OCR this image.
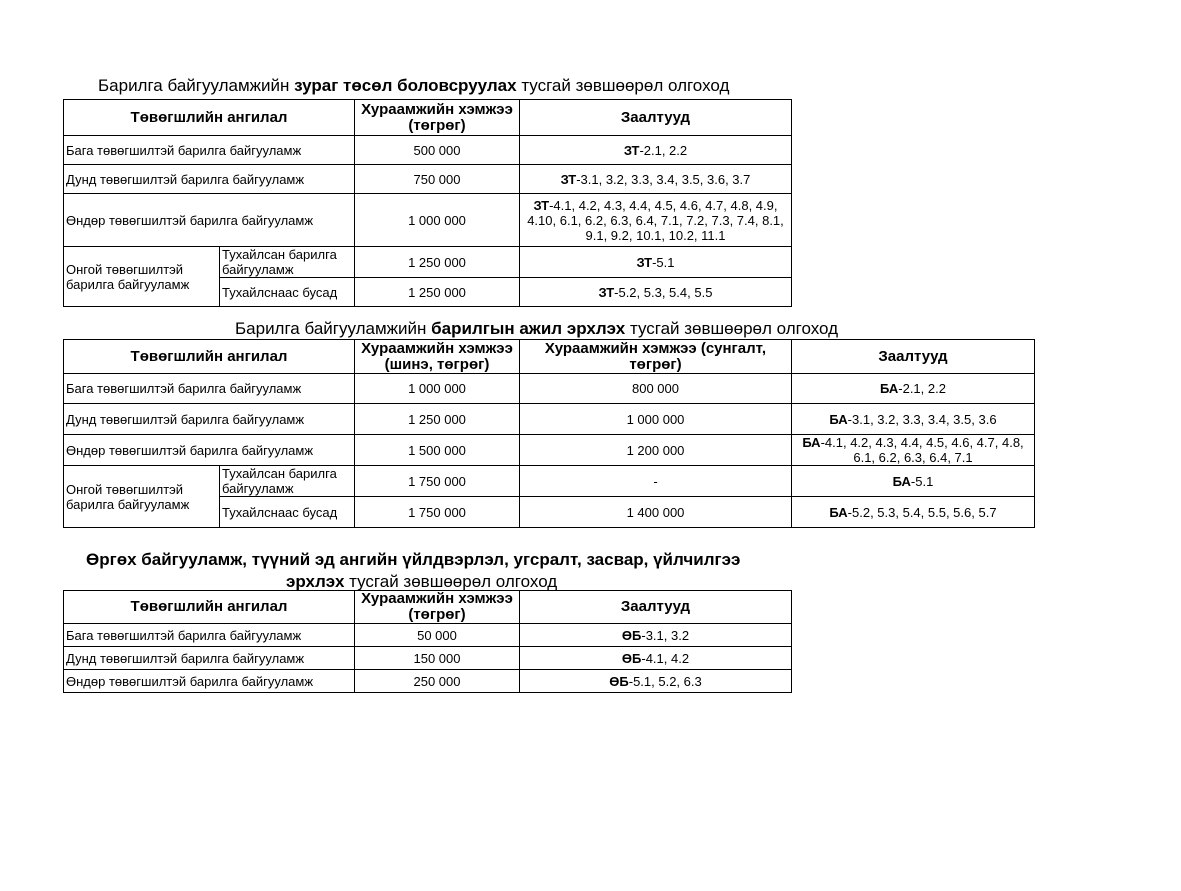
Барилга байгууламжийн зураг төсөл боловсруулах тусгай зөвшөөрөл олгоход
Төвөгшлийн ангилал		Хураамжийн хэмжээ (төгрөг)	Заалтууд
Бага төвөгшилтэй барилга байгууламж		500 000	ЗТ-2.1, 2.2
Дунд төвөгшилтэй барилга байгууламж		750 000	ЗТ-3.1, 3.2, 3.3, 3.4, 3.5, 3.6, 3.7
Өндөр төвөгшилтэй барилга байгууламж		1 000 000	ЗТ-4.1, 4.2, 4.3, 4.4, 4.5, 4.6, 4.7, 4.8, 4.9, 4.10, 6.1, 6.2, 6.3, 6.4, 7.1, 7.2, 7.3, 7.4, 8.1, 9.1, 9.2, 10.1, 10.2, 11.1
Онгой төвөгшилтэй барилга байгууламж	Тухайлсан барилга байгууламж	1 250 000	ЗТ-5.1
	Тухайлснаас бусад	1 250 000	ЗТ-5.2, 5.3, 5.4, 5.5
Барилга байгууламжийн барилгын ажил эрхлэх тусгай зөвшөөрөл олгоход
Төвөгшлийн ангилал		Хураамжийн хэмжээ (шинэ, төгрөг)	Хураамжийн хэмжээ (сунгалт, төгрөг)	Заалтууд
Бага төвөгшилтэй барилга байгууламж		1 000 000	800 000	БА-2.1, 2.2
Дунд төвөгшилтэй барилга байгууламж		1 250 000	1 000 000	БА-3.1, 3.2, 3.3, 3.4, 3.5, 3.6
Өндөр төвөгшилтэй барилга байгууламж		1 500 000	1 200 000	БА-4.1, 4.2, 4.3, 4.4, 4.5, 4.6, 4.7, 4.8, 6.1, 6.2, 6.3, 6.4, 7.1
Онгой төвөгшилтэй барилга байгууламж	Тухайлсан барилга байгууламж	1 750 000	-	БА-5.1
	Тухайлснаас бусад	1 750 000	1 400 000	БА-5.2, 5.3, 5.4, 5.5, 5.6, 5.7
Өргөх байгууламж, түүний эд ангийн үйлдвэрлэл, угсралт, засвар, үйлчилгээ
эрхлэх тусгай зөвшөөрөл олгоход
Төвөгшлийн ангилал	Хураамжийн хэмжээ (төгрөг)	Заалтууд
Бага төвөгшилтэй барилга байгууламж	50 000	ӨБ-3.1, 3.2
Дунд төвөгшилтэй барилга байгууламж	150 000	ӨБ-4.1, 4.2
Өндөр төвөгшилтэй барилга байгууламж	250 000	ӨБ-5.1, 5.2, 6.3
